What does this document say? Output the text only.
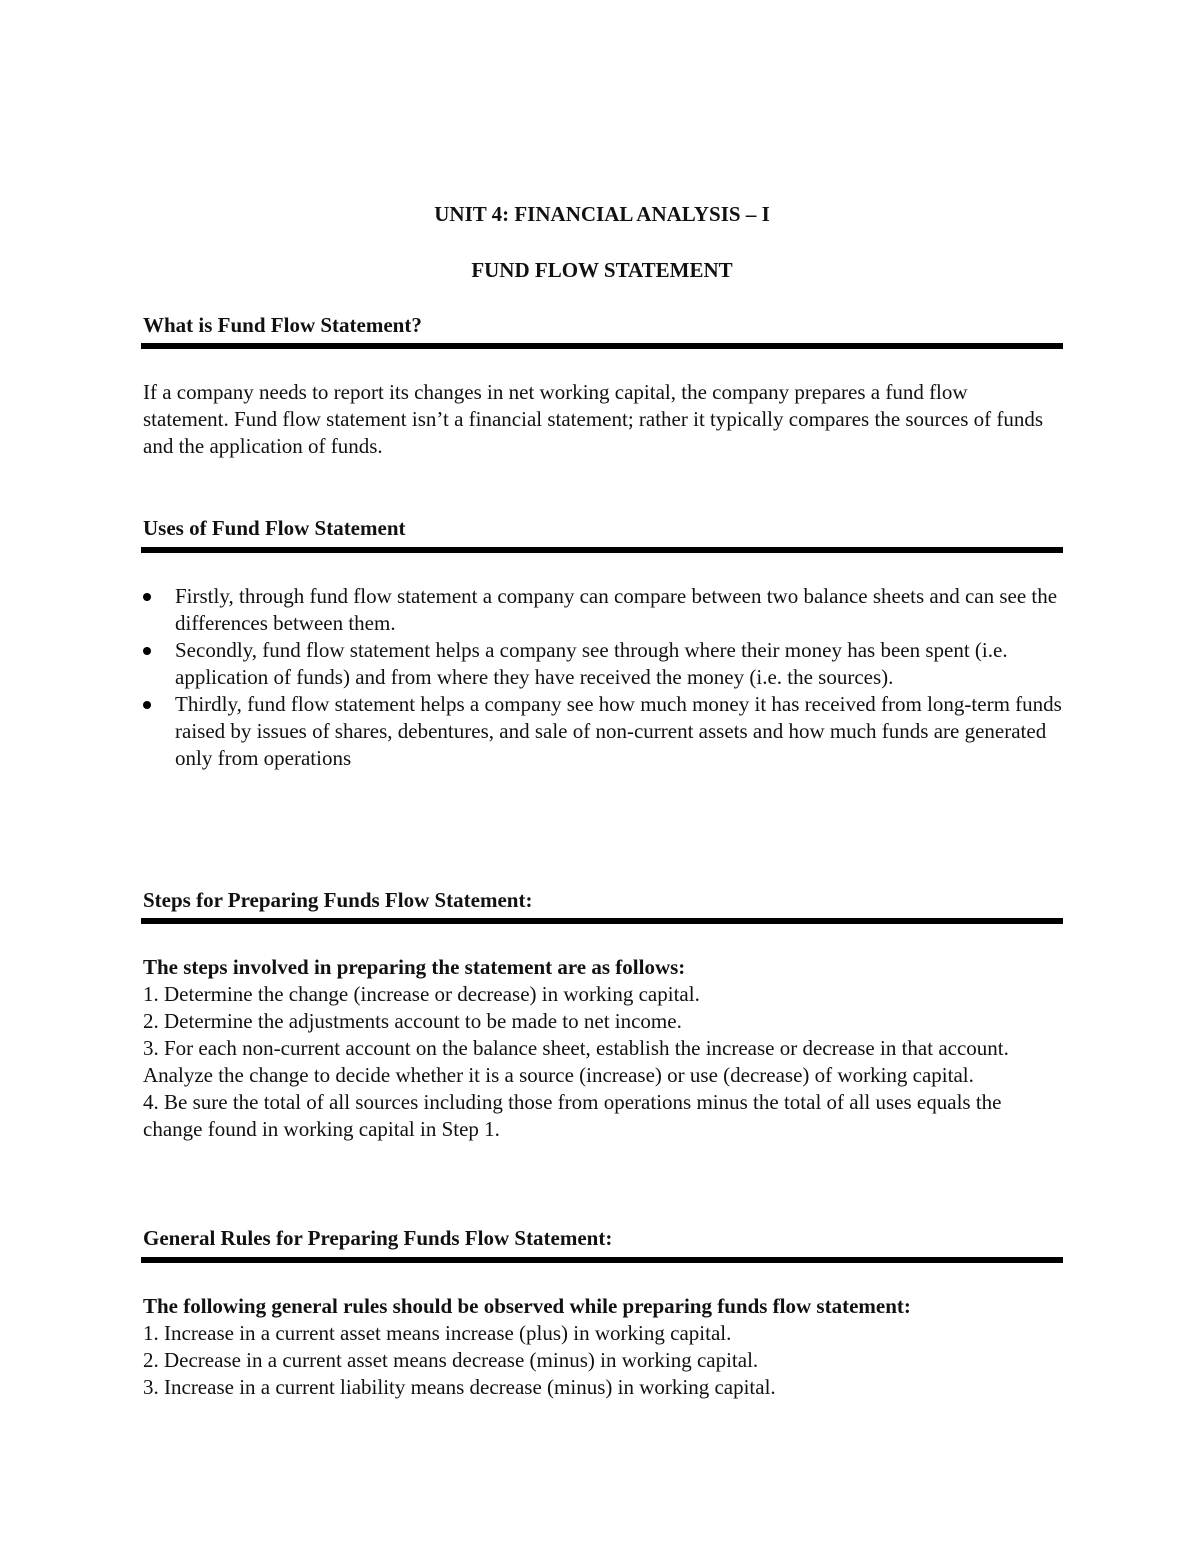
UNIT 4: FINANCIAL ANALYSIS – I
FUND FLOW STATEMENT
What is Fund Flow Statement?

If a company needs to report its changes in net working capital, the company prepares a fund flow statement. Fund flow statement isn’t a financial statement; rather it typically compares the sources of funds and the application of funds.

Uses of Fund Flow Statement
Firstly, through fund flow statement a company can compare between two balance sheets and can see the differences between them.
Secondly, fund flow statement helps a company see through where their money has been spent (i.e. application of funds) and from where they have received the money (i.e. the sources).
Thirdly, fund flow statement helps a company see how much money it has received from long-term funds raised by issues of shares, debentures, and sale of non-current assets and how much funds are generated only from operations
Steps for Preparing Funds Flow Statement:
The steps involved in preparing the statement are as follows:
1. Determine the change (increase or decrease) in working capital.
2. Determine the adjustments account to be made to net income.
3. For each non-current account on the balance sheet, establish the increase or decrease in that account. Analyze the change to decide whether it is a source (increase) or use (decrease) of working capital.
4. Be sure the total of all sources including those from operations minus the total of all uses equals the change found in working capital in Step 1.
General Rules for Preparing Funds Flow Statement:
The following general rules should be observed while preparing funds flow statement:
1. Increase in a current asset means increase (plus) in working capital.
2. Decrease in a current asset means decrease (minus) in working capital.
3. Increase in a current liability means decrease (minus) in working capital.
